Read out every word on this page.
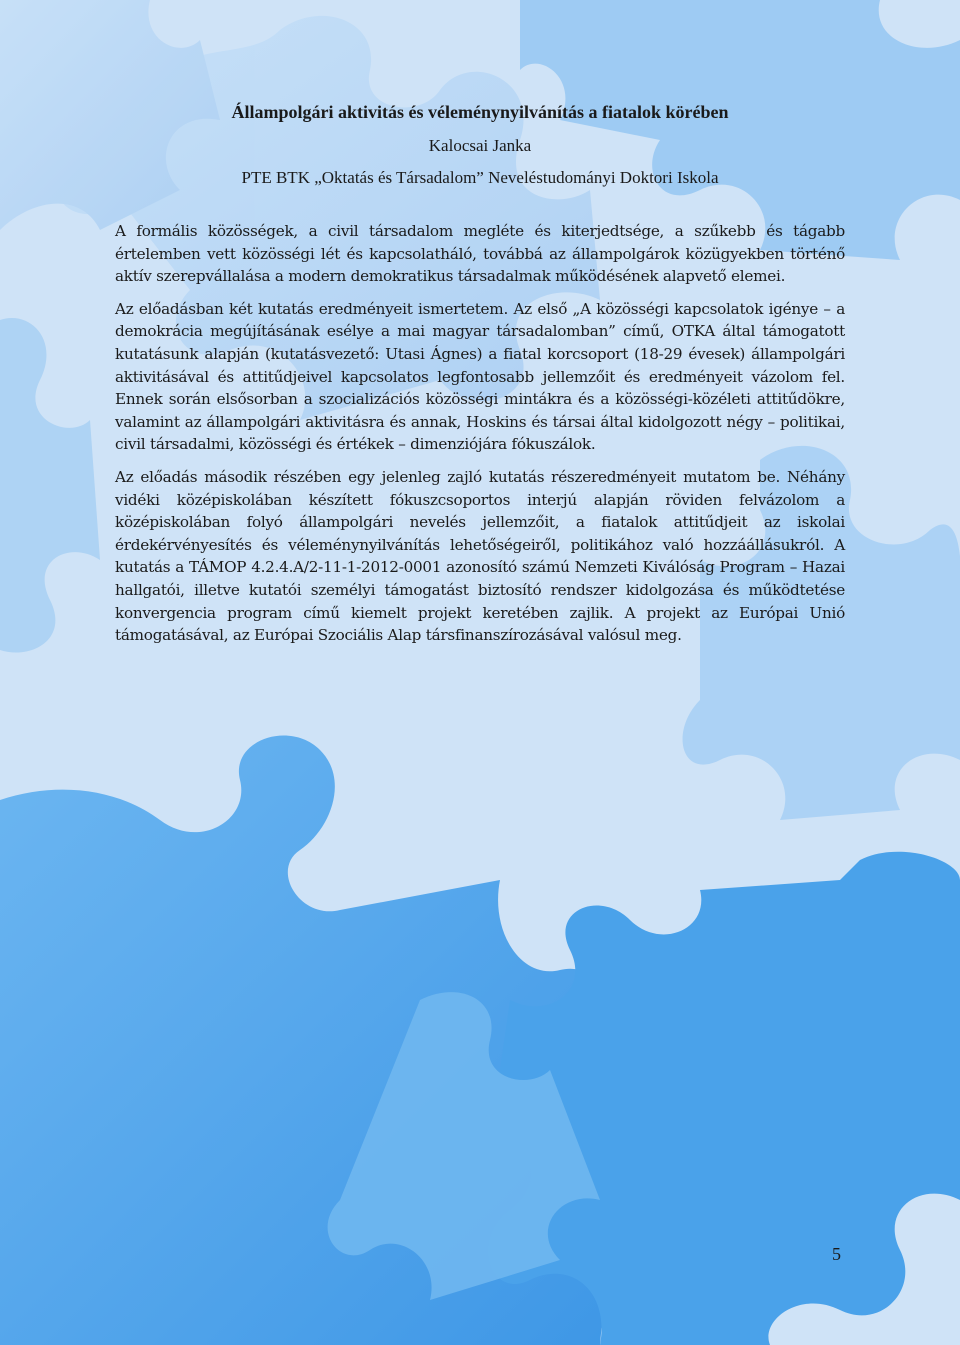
Állampolgári aktivitás és véleménynyilvánítás a fiatalok körében

Kalocsai Janka

PTE BTK „Oktatás és Társadalom” Neveléstudományi Doktori Iskola

A formális közösségek, a civil társadalom megléte és kiterjedtsége, a szűkebb és tágabb értelemben vett közösségi lét és kapcsolatháló, továbbá az állampolgárok közügyekben történő aktív szerepvállalása a modern demokratikus társadalmak működésének alapvető elemei.

Az előadásban két kutatás eredményeit ismertetem. Az első „A közösségi kapcsolatok igénye – a demokrácia megújításának esélye a mai magyar társadalomban” című, OTKA által támogatott kutatásunk alapján (kutatásvezető: Utasi Ágnes) a fiatal korcsoport (18-29 évesek) állampolgári aktivitásával és attitűdjeivel kapcsolatos legfontosabb jellemzőit és eredményeit vázolom fel. Ennek során elsősorban a szocializációs közösségi mintákra és a közösségi-közéleti attitűdökre, valamint az állampolgári aktivitásra és annak, Hoskins és társai által kidolgozott négy – politikai, civil társadalmi, közösségi és értékek – dimenziójára fókuszálok.

Az előadás második részében egy jelenleg zajló kutatás részeredményeit mutatom be. Néhány vidéki középiskolában készített fókuszcsoportos interjú alapján röviden felvázolom a középiskolában folyó állampolgári nevelés jellemzőit, a fiatalok attitűdjeit az iskolai érdekérvényesítés és véleménynyilvánítás lehetőségeiről, politikához való hozzáállásukról. A kutatás a TÁMOP 4.2.4.A/2-11-1-2012-0001 azonosító számú Nemzeti Kiválóság Program – Hazai hallgatói, illetve kutatói személyi támogatást biztosító rendszer kidolgozása és működtetése konvergencia program című kiemelt projekt keretében zajlik. A projekt az Európai Unió támogatásával, az Európai Szociális Alap társfinanszírozásával valósul meg.

5
